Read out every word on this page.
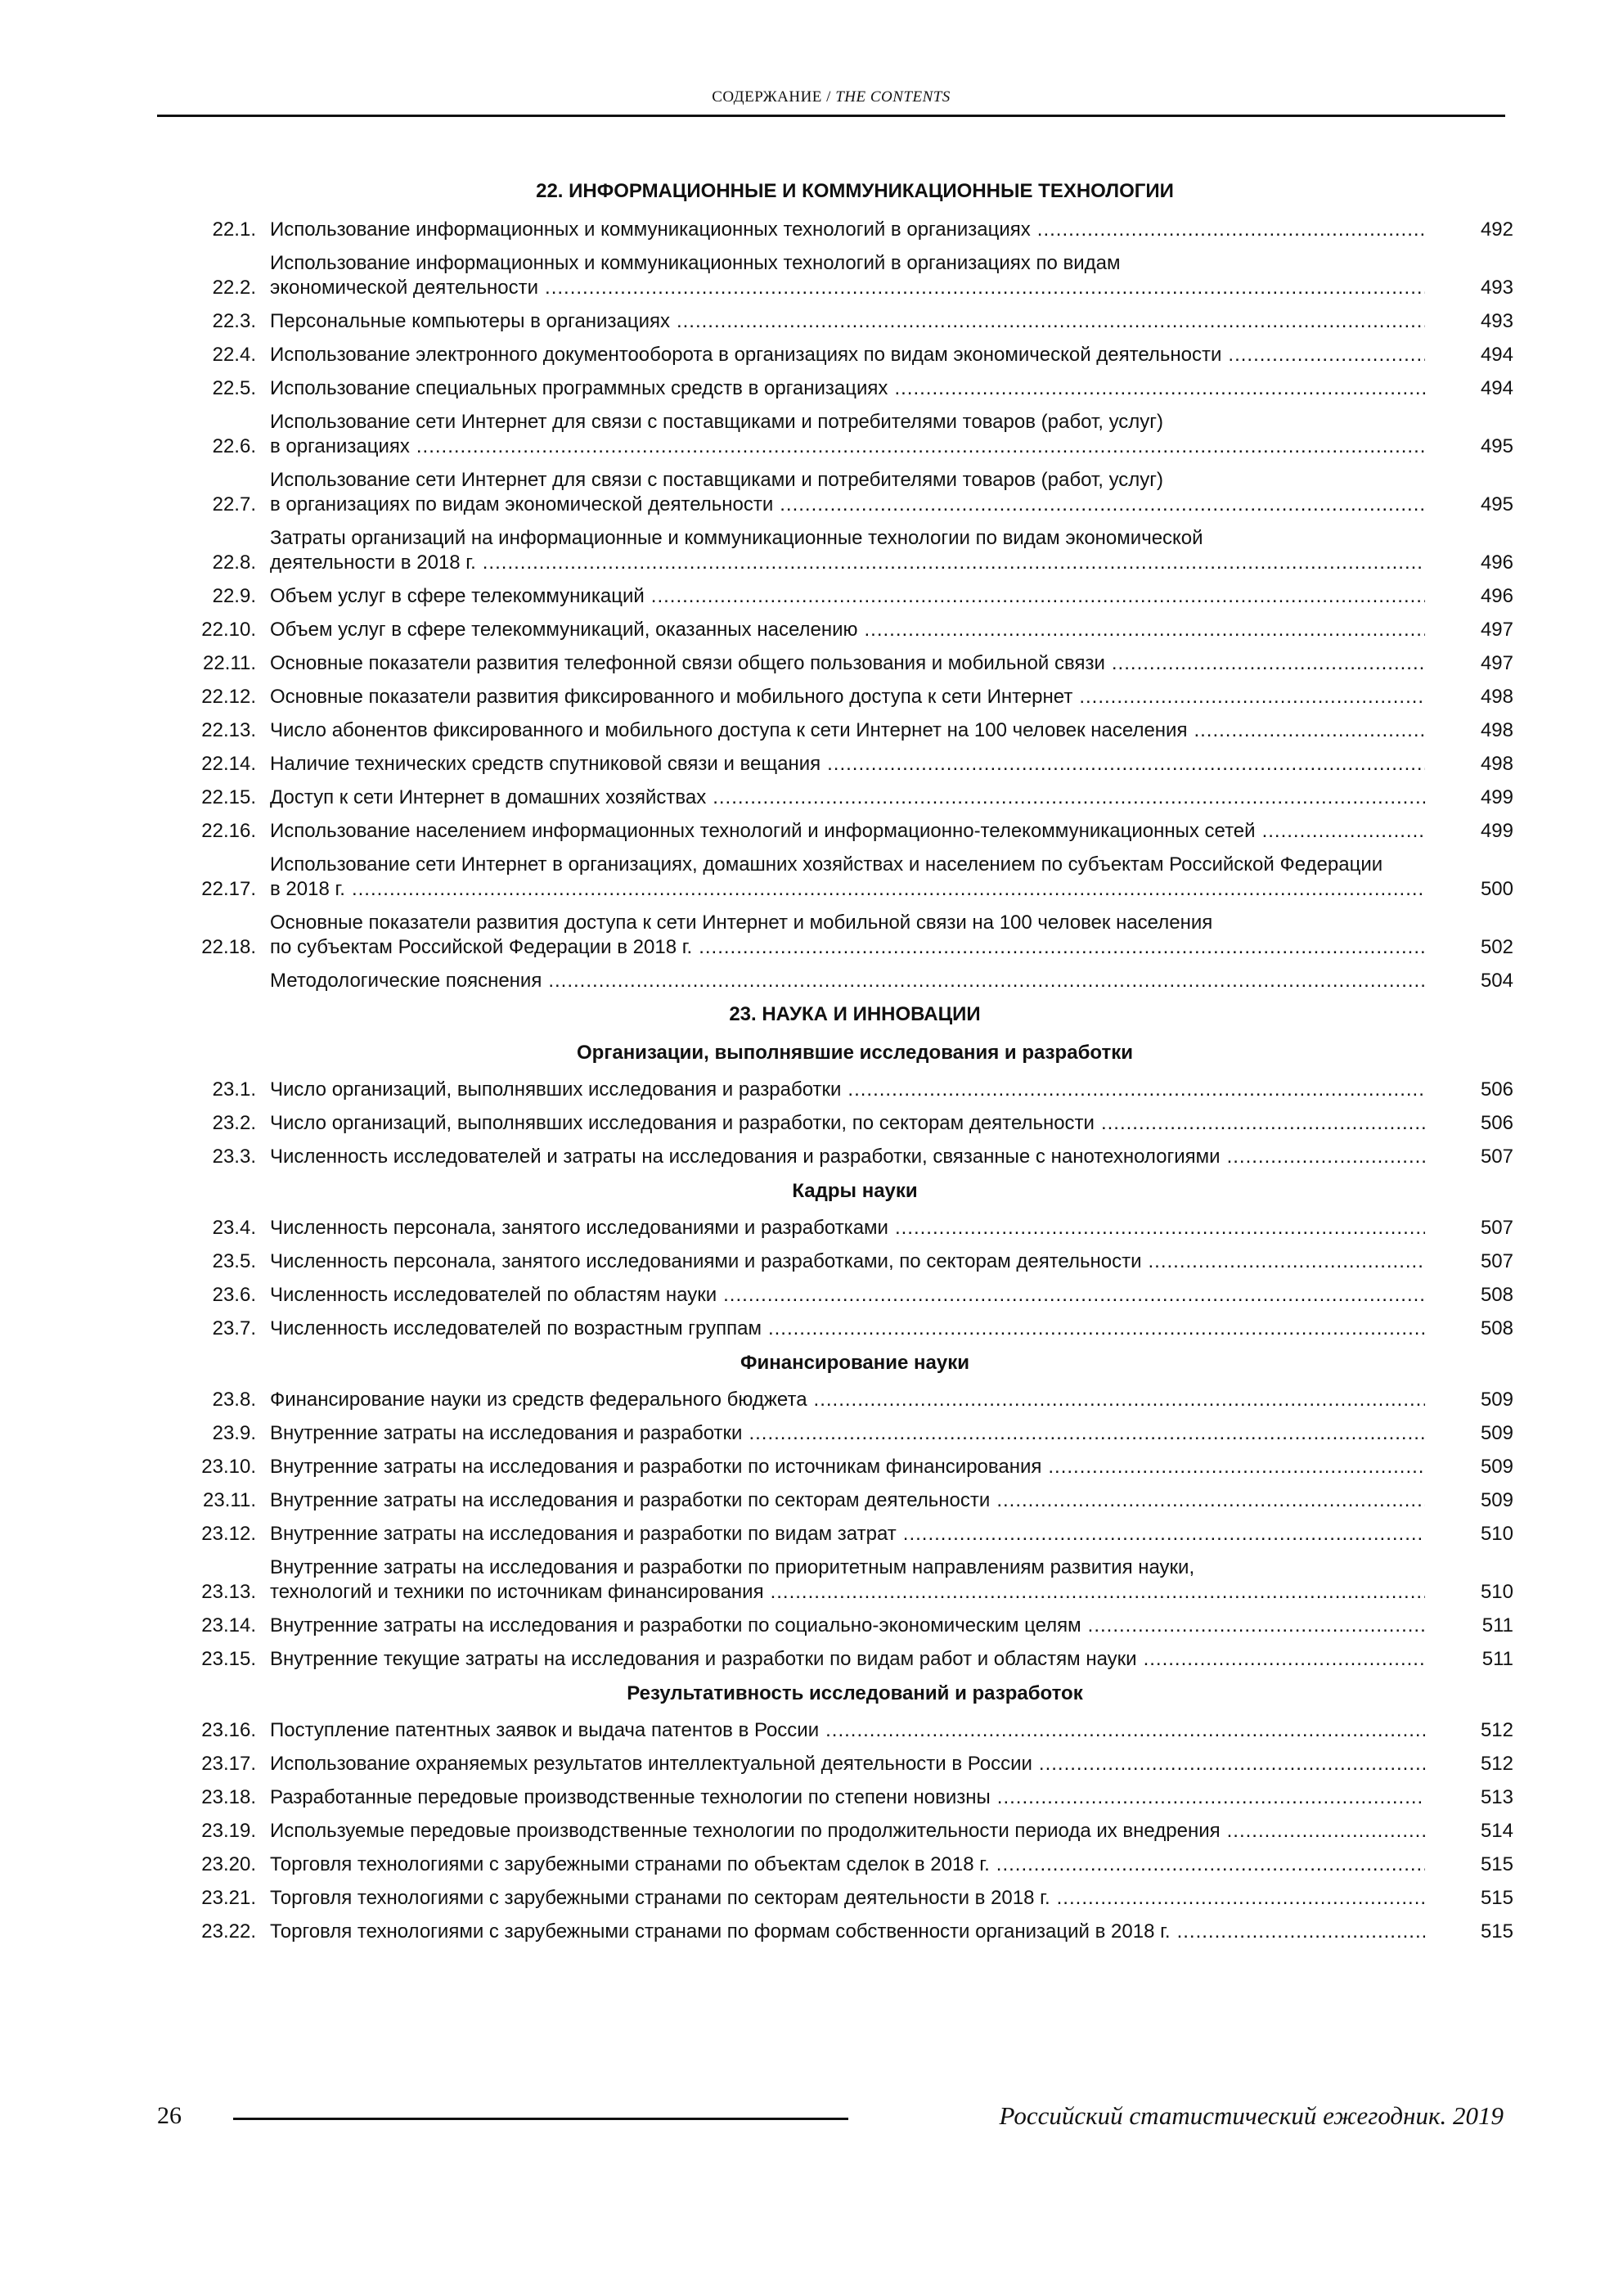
СОДЕРЖАНИЕ / THE CONTENTS
22. ИНФОРМАЦИОННЫЕ И КОММУНИКАЦИОННЫЕ ТЕХНОЛОГИИ
22.1. Использование информационных и коммуникационных технологий в организациях .....	492
22.2.
Использование информационных и коммуникационных технологий в организациях по видам
экономической деятельности .....	493
22.3. Персональные компьютеры в организациях .....	493
22.4. Использование электронного документооборота в организациях по видам экономической деятельности .....	494
22.5. Использование специальных программных средств в организациях .....	494
22.6.
Использование сети Интернет для связи с поставщиками и потребителями товаров (работ, услуг)
в организациях .....	495
22.7.
Использование сети Интернет для связи с поставщиками и потребителями товаров (работ, услуг)
в организациях по видам экономической деятельности .....	495
22.8.
Затраты организаций на информационные и коммуникационные технологии по видам экономической
деятельности в 2018 г. .....	496
22.9. Объем услуг в сфере телекоммуникаций .....	496
22.10. Объем услуг в сфере телекоммуникаций, оказанных населению .....	497
22.11. Основные показатели развития телефонной связи общего пользования и мобильной связи .....	497
22.12. Основные показатели развития фиксированного и мобильного доступа к сети Интернет .....	498
22.13. Число абонентов фиксированного и мобильного доступа к сети Интернет на 100 человек населения .....	498
22.14. Наличие технических средств спутниковой связи и вещания .....	498
22.15. Доступ к сети Интернет в домашних хозяйствах .....	499
22.16. Использование населением информационных технологий и информационно-телекоммуникационных сетей .....	499
22.17.
Использование сети Интернет в организациях, домашних хозяйствах и населением по субъектам Российской Федерации
в 2018 г. .....	500
22.18.
Основные показатели развития доступа к сети Интернет и мобильной связи на 100 человек населения
по субъектам Российской Федерации в 2018 г. .....	502
Методологические пояснения .....	504
23. НАУКА И ИННОВАЦИИ
Организации, выполнявшие исследования и разработки
23.1. Число организаций, выполнявших исследования и разработки .....	506
23.2. Число организаций, выполнявших исследования и разработки, по секторам деятельности .....	506
23.3. Численность исследователей и затраты на исследования и разработки, связанные с нанотехнологиями .....	507
Кадры науки
23.4. Численность персонала, занятого исследованиями и разработками .....	507
23.5. Численность персонала, занятого исследованиями и разработками, по секторам деятельности .....	507
23.6. Численность исследователей по областям науки .....	508
23.7. Численность исследователей по возрастным группам .....	508
Финансирование науки
23.8. Финансирование науки из средств федерального бюджета .....	509
23.9. Внутренние затраты на исследования и разработки .....	509
23.10. Внутренние затраты на исследования и разработки по источникам финансирования .....	509
23.11. Внутренние затраты на исследования и разработки по секторам деятельности .....	509
23.12. Внутренние затраты на исследования и разработки по видам затрат .....	510
23.13.
Внутренние затраты на исследования и разработки по приоритетным направлениям развития науки,
технологий и техники по источникам финансирования .....	510
23.14. Внутренние затраты на исследования и разработки по социально-экономическим целям .....	511
23.15. Внутренние текущие затраты на исследования и разработки по видам работ и областям науки .....	511
Результативность исследований и разработок
23.16. Поступление патентных заявок и выдача патентов в России .....	512
23.17. Использование охраняемых результатов интеллектуальной деятельности в России .....	512
23.18. Разработанные передовые производственные технологии по степени новизны .....	513
23.19. Используемые передовые производственные технологии по продолжительности периода их внедрения .....	514
23.20. Торговля технологиями с зарубежными странами по объектам сделок в 2018 г. .....	515
23.21. Торговля технологиями с зарубежными странами по секторам деятельности в 2018 г. .....	515
23.22. Торговля технологиями с зарубежными странами по формам собственности организаций в 2018 г. .....	515
26	Российский статистический ежегодник. 2019
